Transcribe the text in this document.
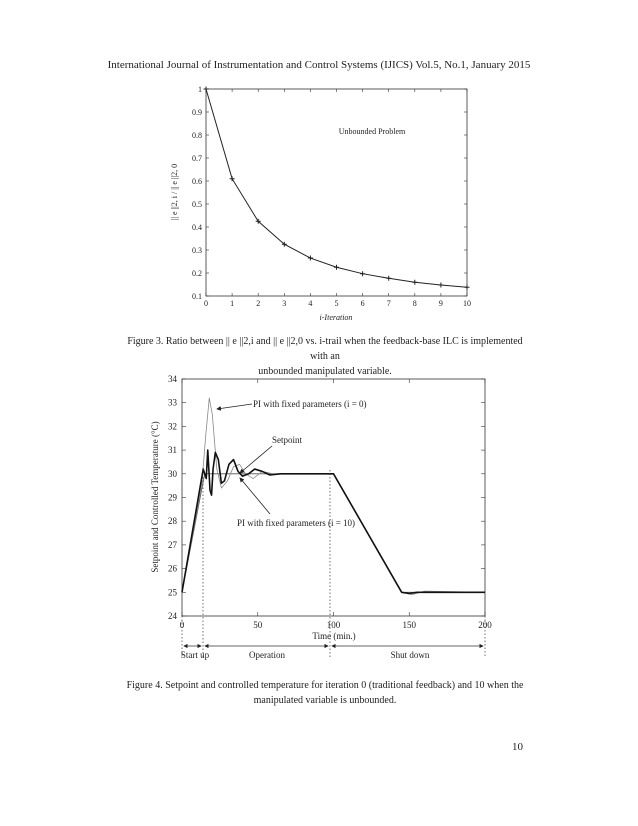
International Journal of Instrumentation and Control Systems (IJICS) Vol.5, No.1, January 2015
0	1	2	3	4	5	6	7	8	9	10
0.1
0.2
0.3
0.4
0.5
0.6
0.7
0.8
0.9
1
Unbounded Problem
i-Iteration
|| e ||2, i / || e ||2, 0
0	50	100	150	200
24
25
26
27
28
29
30
31
32
33
34
Start up	Operation	Shut down
PI with fixed parameters (i = 0)
Setpoint
PI with fixed parameters (i = 10)
Time (min.)
Setpoint and Controlled Temperature (°C)
Figure 3. Ratio between || e ||2,i and || e ||2,0 vs. i-trail when the feedback-base ILC is implemented with an
unbounded manipulated variable.
Figure 4. Setpoint and controlled temperature for iteration 0 (traditional feedback) and 10 when the
manipulated variable is unbounded.
10
